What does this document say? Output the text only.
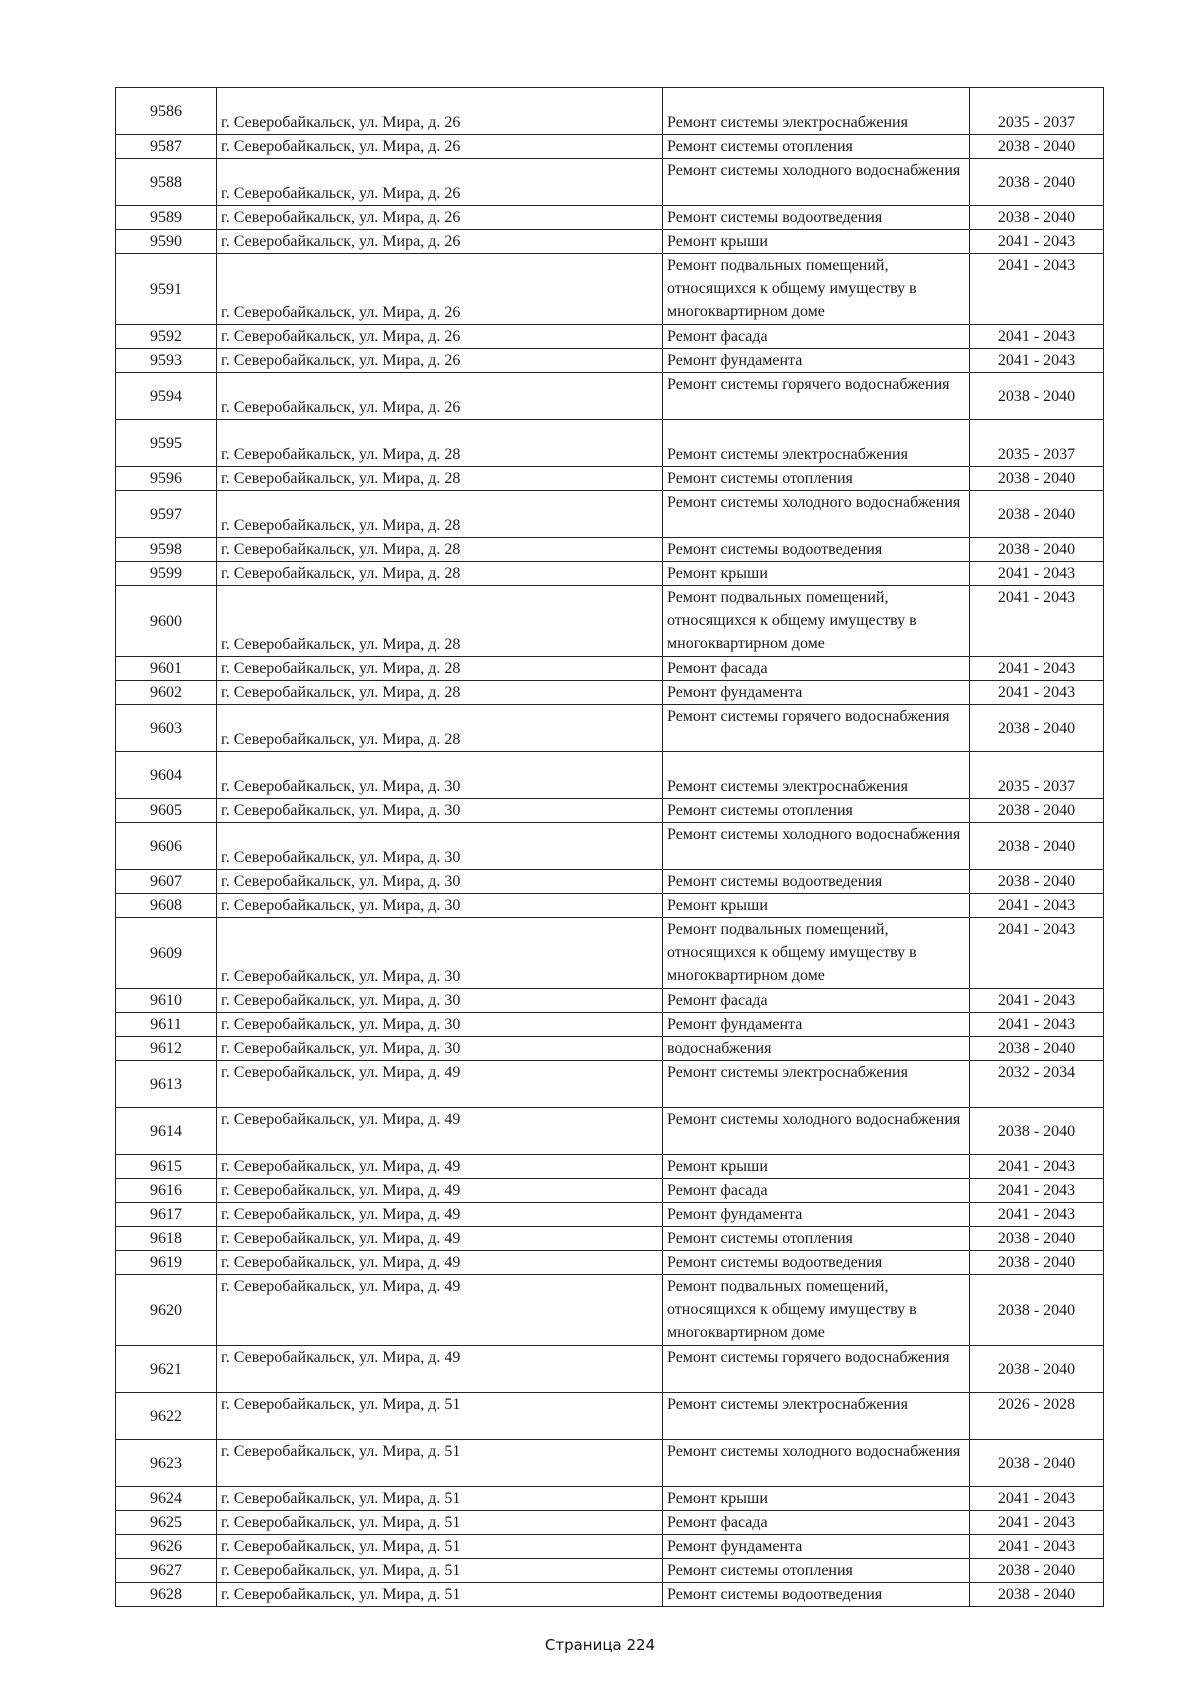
9586	г. Северобайкальск, ул. Мира, д. 26	Ремонт системы электроснабжения	2035 - 2037
9587	г. Северобайкальск, ул. Мира, д. 26	Ремонт системы отопления	2038 - 2040
9588	г. Северобайкальск, ул. Мира, д. 26	Ремонт системы холодного водоснабжения	2038 - 2040
9589	г. Северобайкальск, ул. Мира, д. 26	Ремонт системы водоотведения	2038 - 2040
9590	г. Северобайкальск, ул. Мира, д. 26	Ремонт крыши	2041 - 2043
9591	г. Северобайкальск, ул. Мира, д. 26	Ремонт подвальных помещений, относящихся к общему имуществу в многоквартирном доме	2041 - 2043
9592	г. Северобайкальск, ул. Мира, д. 26	Ремонт фасада	2041 - 2043
9593	г. Северобайкальск, ул. Мира, д. 26	Ремонт фундамента	2041 - 2043
9594	г. Северобайкальск, ул. Мира, д. 26	Ремонт системы горячего водоснабжения	2038 - 2040
9595	г. Северобайкальск, ул. Мира, д. 28	Ремонт системы электроснабжения	2035 - 2037
9596	г. Северобайкальск, ул. Мира, д. 28	Ремонт системы отопления	2038 - 2040
9597	г. Северобайкальск, ул. Мира, д. 28	Ремонт системы холодного водоснабжения	2038 - 2040
9598	г. Северобайкальск, ул. Мира, д. 28	Ремонт системы водоотведения	2038 - 2040
9599	г. Северобайкальск, ул. Мира, д. 28	Ремонт крыши	2041 - 2043
9600	г. Северобайкальск, ул. Мира, д. 28	Ремонт подвальных помещений, относящихся к общему имуществу в многоквартирном доме	2041 - 2043
9601	г. Северобайкальск, ул. Мира, д. 28	Ремонт фасада	2041 - 2043
9602	г. Северобайкальск, ул. Мира, д. 28	Ремонт фундамента	2041 - 2043
9603	г. Северобайкальск, ул. Мира, д. 28	Ремонт системы горячего водоснабжения	2038 - 2040
9604	г. Северобайкальск, ул. Мира, д. 30	Ремонт системы электроснабжения	2035 - 2037
9605	г. Северобайкальск, ул. Мира, д. 30	Ремонт системы отопления	2038 - 2040
9606	г. Северобайкальск, ул. Мира, д. 30	Ремонт системы холодного водоснабжения	2038 - 2040
9607	г. Северобайкальск, ул. Мира, д. 30	Ремонт системы водоотведения	2038 - 2040
9608	г. Северобайкальск, ул. Мира, д. 30	Ремонт крыши	2041 - 2043
9609	г. Северобайкальск, ул. Мира, д. 30	Ремонт подвальных помещений, относящихся к общему имуществу в многоквартирном доме	2041 - 2043
9610	г. Северобайкальск, ул. Мира, д. 30	Ремонт фасада	2041 - 2043
9611	г. Северобайкальск, ул. Мира, д. 30	Ремонт фундамента	2041 - 2043
9612	г. Северобайкальск, ул. Мира, д. 30	водоснабжения	2038 - 2040
9613	г. Северобайкальск, ул. Мира, д. 49	Ремонт системы электроснабжения	2032 - 2034
9614	г. Северобайкальск, ул. Мира, д. 49	Ремонт системы холодного водоснабжения	2038 - 2040
9615	г. Северобайкальск, ул. Мира, д. 49	Ремонт крыши	2041 - 2043
9616	г. Северобайкальск, ул. Мира, д. 49	Ремонт фасада	2041 - 2043
9617	г. Северобайкальск, ул. Мира, д. 49	Ремонт фундамента	2041 - 2043
9618	г. Северобайкальск, ул. Мира, д. 49	Ремонт системы отопления	2038 - 2040
9619	г. Северобайкальск, ул. Мира, д. 49	Ремонт системы водоотведения	2038 - 2040
9620	г. Северобайкальск, ул. Мира, д. 49	Ремонт подвальных помещений, относящихся к общему имуществу в многоквартирном доме	2038 - 2040
9621	г. Северобайкальск, ул. Мира, д. 49	Ремонт системы горячего водоснабжения	2038 - 2040
9622	г. Северобайкальск, ул. Мира, д. 51	Ремонт системы электроснабжения	2026 - 2028
9623	г. Северобайкальск, ул. Мира, д. 51	Ремонт системы холодного водоснабжения	2038 - 2040
9624	г. Северобайкальск, ул. Мира, д. 51	Ремонт крыши	2041 - 2043
9625	г. Северобайкальск, ул. Мира, д. 51	Ремонт фасада	2041 - 2043
9626	г. Северобайкальск, ул. Мира, д. 51	Ремонт фундамента	2041 - 2043
9627	г. Северобайкальск, ул. Мира, д. 51	Ремонт системы отопления	2038 - 2040
9628	г. Северобайкальск, ул. Мира, д. 51	Ремонт системы водоотведения	2038 - 2040
Страница 224
